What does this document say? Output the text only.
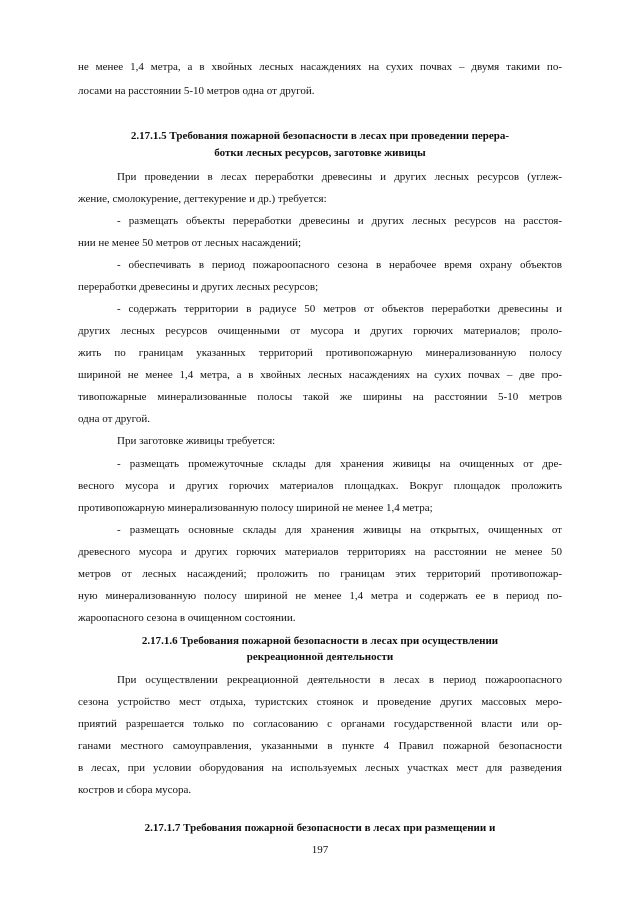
не менее 1,4 метра, а в хвойных лесных насаждениях на сухих почвах – двумя такими по-
лосами на расстоянии 5-10 метров одна от другой.
2.17.1.5 Требования пожарной безопасности в лесах при проведении перера-
ботки лесных ресурсов, заготовке живицы
При проведении в лесах переработки древесины и других лесных ресурсов (углеж-
жение, смолокурение, дегтекурение и др.) требуется:
- размещать объекты переработки древесины и других лесных ресурсов на расстоя-
нии не менее 50 метров от лесных насаждений;
- обеспечивать в период пожароопасного сезона в нерабочее время охрану объектов
переработки древесины и других лесных ресурсов;
- содержать территории в радиусе 50 метров от объектов переработки древесины и
других лесных ресурсов очищенными от мусора и других горючих материалов; проло-
жить по границам указанных территорий противопожарную минерализованную полосу
шириной не менее 1,4 метра, а в хвойных лесных насаждениях на сухих почвах – две про-
тивопожарные минерализованные полосы такой же ширины на расстоянии 5-10 метров
одна от другой.
При заготовке живицы требуется:
- размещать промежуточные склады для хранения живицы на очищенных от дре-
весного мусора и других горючих материалов площадках. Вокруг площадок проложить
противопожарную минерализованную полосу шириной не менее 1,4 метра;
- размещать основные склады для хранения живицы на открытых, очищенных от
древесного мусора и других горючих материалов территориях на расстоянии не менее 50
метров от лесных насаждений; проложить по границам этих территорий противопожар-
ную минерализованную полосу шириной не менее 1,4 метра и содержать ее в период по-
жароопасного сезона в очищенном состоянии.
2.17.1.6 Требования пожарной безопасности в лесах при осуществлении
рекреационной деятельности
При осуществлении рекреационной деятельности в лесах в период пожароопасного
сезона устройство мест отдыха, туристских стоянок и проведение других массовых меро-
приятий разрешается только по согласованию с органами государственной власти или ор-
ганами местного самоуправления, указанными в пункте 4 Правил пожарной безопасности
в лесах, при условии оборудования на используемых лесных участках мест для разведения
костров и сбора мусора.
2.17.1.7 Требования пожарной безопасности в лесах при размещении и
197
